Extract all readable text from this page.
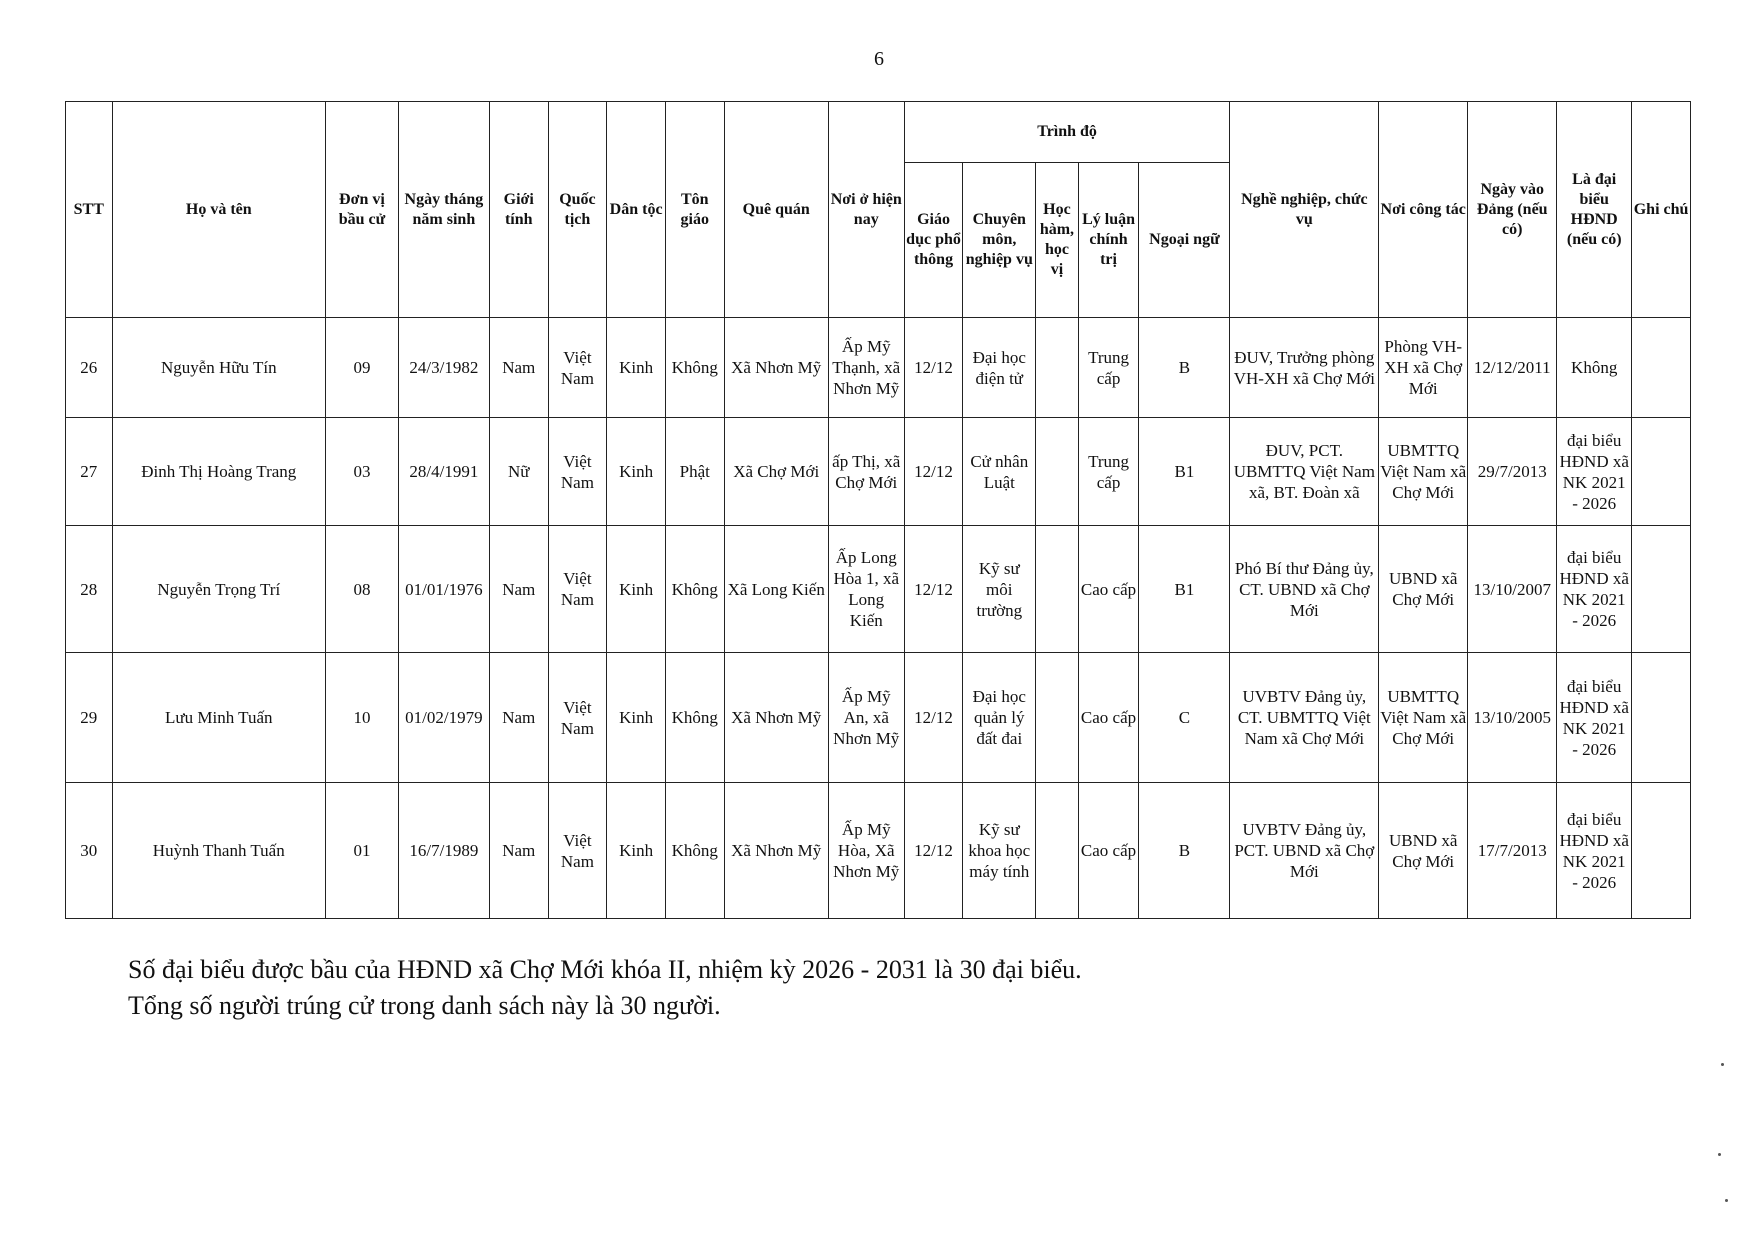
6
STT	Họ và tên	Đơn vị bầu cử	Ngày tháng năm sinh	Giới tính	Quốc tịch	Dân tộc	Tôn giáo	Quê quán	Nơi ở hiện nay	Trình độ					Nghề nghiệp, chức vụ	Nơi công tác	Ngày vào Đảng (nếu có)	Là đại biểu HĐND (nếu có)	Ghi chú
										Giáo dục phổ thông	Chuyên môn, nghiệp vụ	Học hàm, học vị	Lý luận chính trị	Ngoại ngữ					
26	Nguyễn Hữu Tín	09	24/3/1982	Nam	Việt Nam	Kinh	Không	Xã Nhơn Mỹ	Ấp Mỹ Thạnh, xã Nhơn Mỹ	12/12	Đại học điện tử		Trung cấp	B	ĐUV, Trưởng phòng VH-XH xã Chợ Mới	Phòng VH-XH xã Chợ Mới	12/12/2011	Không	
27	Đinh Thị Hoàng Trang	03	28/4/1991	Nữ	Việt Nam	Kinh	Phật	Xã Chợ Mới	ấp Thị, xã Chợ Mới	12/12	Cử nhân Luật		Trung cấp	B1	ĐUV, PCT. UBMTTQ Việt Nam xã, BT. Đoàn xã	UBMTTQ Việt Nam xã Chợ Mới	29/7/2013	đại biểu HĐND xã NK 2021 - 2026	
28	Nguyễn Trọng Trí	08	01/01/1976	Nam	Việt Nam	Kinh	Không	Xã Long Kiến	Ấp Long Hòa 1, xã Long Kiến	12/12	Kỹ sư môi trường		Cao cấp	B1	Phó Bí thư Đảng ủy, CT. UBND xã Chợ Mới	UBND xã Chợ Mới	13/10/2007	đại biểu HĐND xã NK 2021 - 2026	
29	Lưu Minh Tuấn	10	01/02/1979	Nam	Việt Nam	Kinh	Không	Xã Nhơn Mỹ	Ấp Mỹ An, xã Nhơn Mỹ	12/12	Đại học quản lý đất đai		Cao cấp	C	UVBTV Đảng ủy, CT. UBMTTQ Việt Nam xã Chợ Mới	UBMTTQ Việt Nam xã Chợ Mới	13/10/2005	đại biểu HĐND xã NK 2021 - 2026	
30	Huỳnh Thanh Tuấn	01	16/7/1989	Nam	Việt Nam	Kinh	Không	Xã Nhơn Mỹ	Ấp Mỹ Hòa, Xã Nhơn Mỹ	12/12	Kỹ sư khoa học máy tính		Cao cấp	B	UVBTV Đảng ủy, PCT. UBND xã Chợ Mới	UBND xã Chợ Mới	17/7/2013	đại biểu HĐND xã NK 2021 - 2026	
Số đại biểu được bầu của HĐND xã Chợ Mới khóa II, nhiệm kỳ 2026 - 2031 là 30 đại biểu.
Tổng số người trúng cử trong danh sách này là 30 người.
